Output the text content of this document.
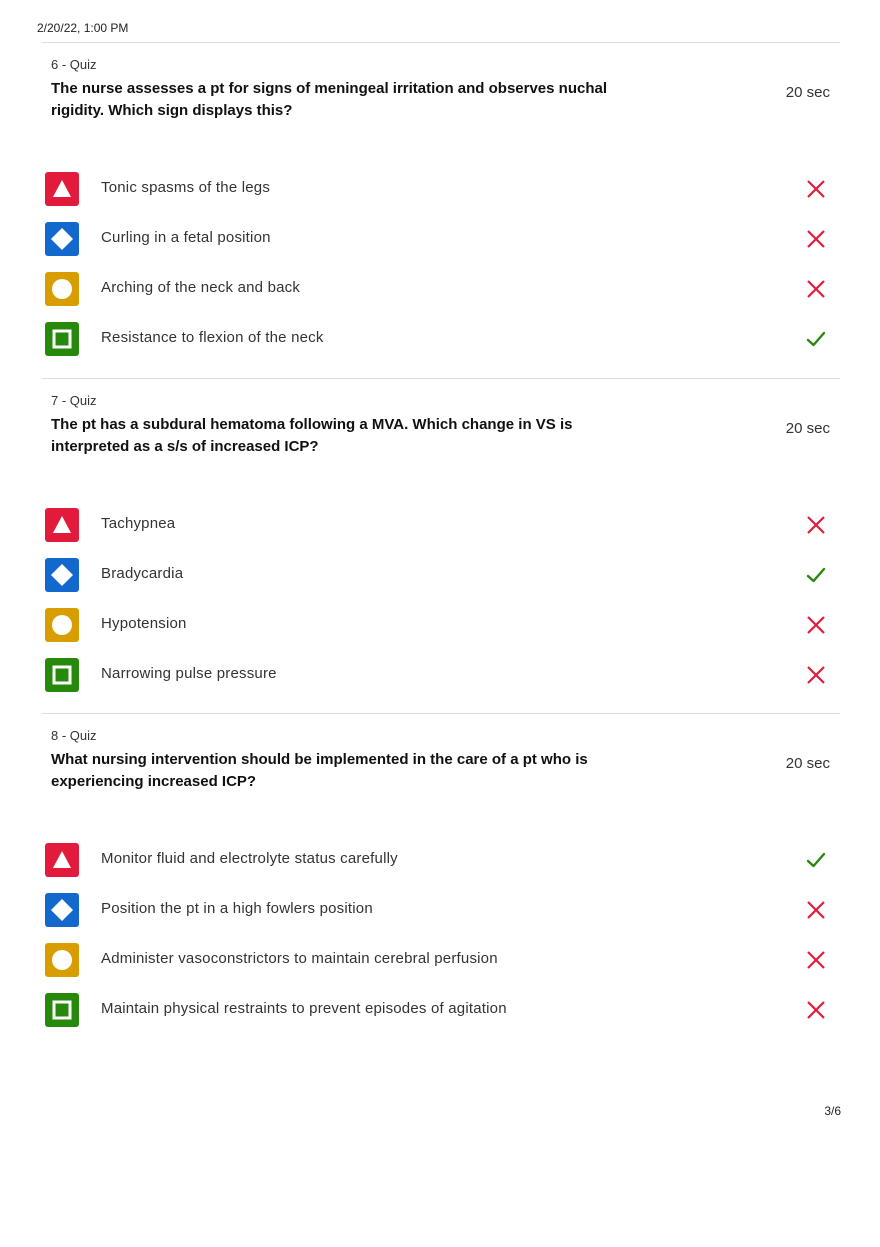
2/20/22, 1:00 PM
6 - Quiz
The nurse assesses a pt for signs of meningeal irritation and observes nuchal rigidity. Which sign displays this?
20 sec
Tonic spasms of the legs
Curling in a fetal position
Arching of the neck and back
Resistance to flexion of the neck
7 - Quiz
The pt has a subdural hematoma following a MVA. Which change in VS is interpreted as a s/s of increased ICP?
20 sec
Tachypnea
Bradycardia
Hypotension
Narrowing pulse pressure
8 - Quiz
What nursing intervention should be implemented in the care of a pt who is experiencing increased ICP?
20 sec
Monitor fluid and electrolyte status carefully
Position the pt in a high fowlers position
Administer vasoconstrictors to maintain cerebral perfusion
Maintain physical restraints to prevent episodes of agitation
3/6
